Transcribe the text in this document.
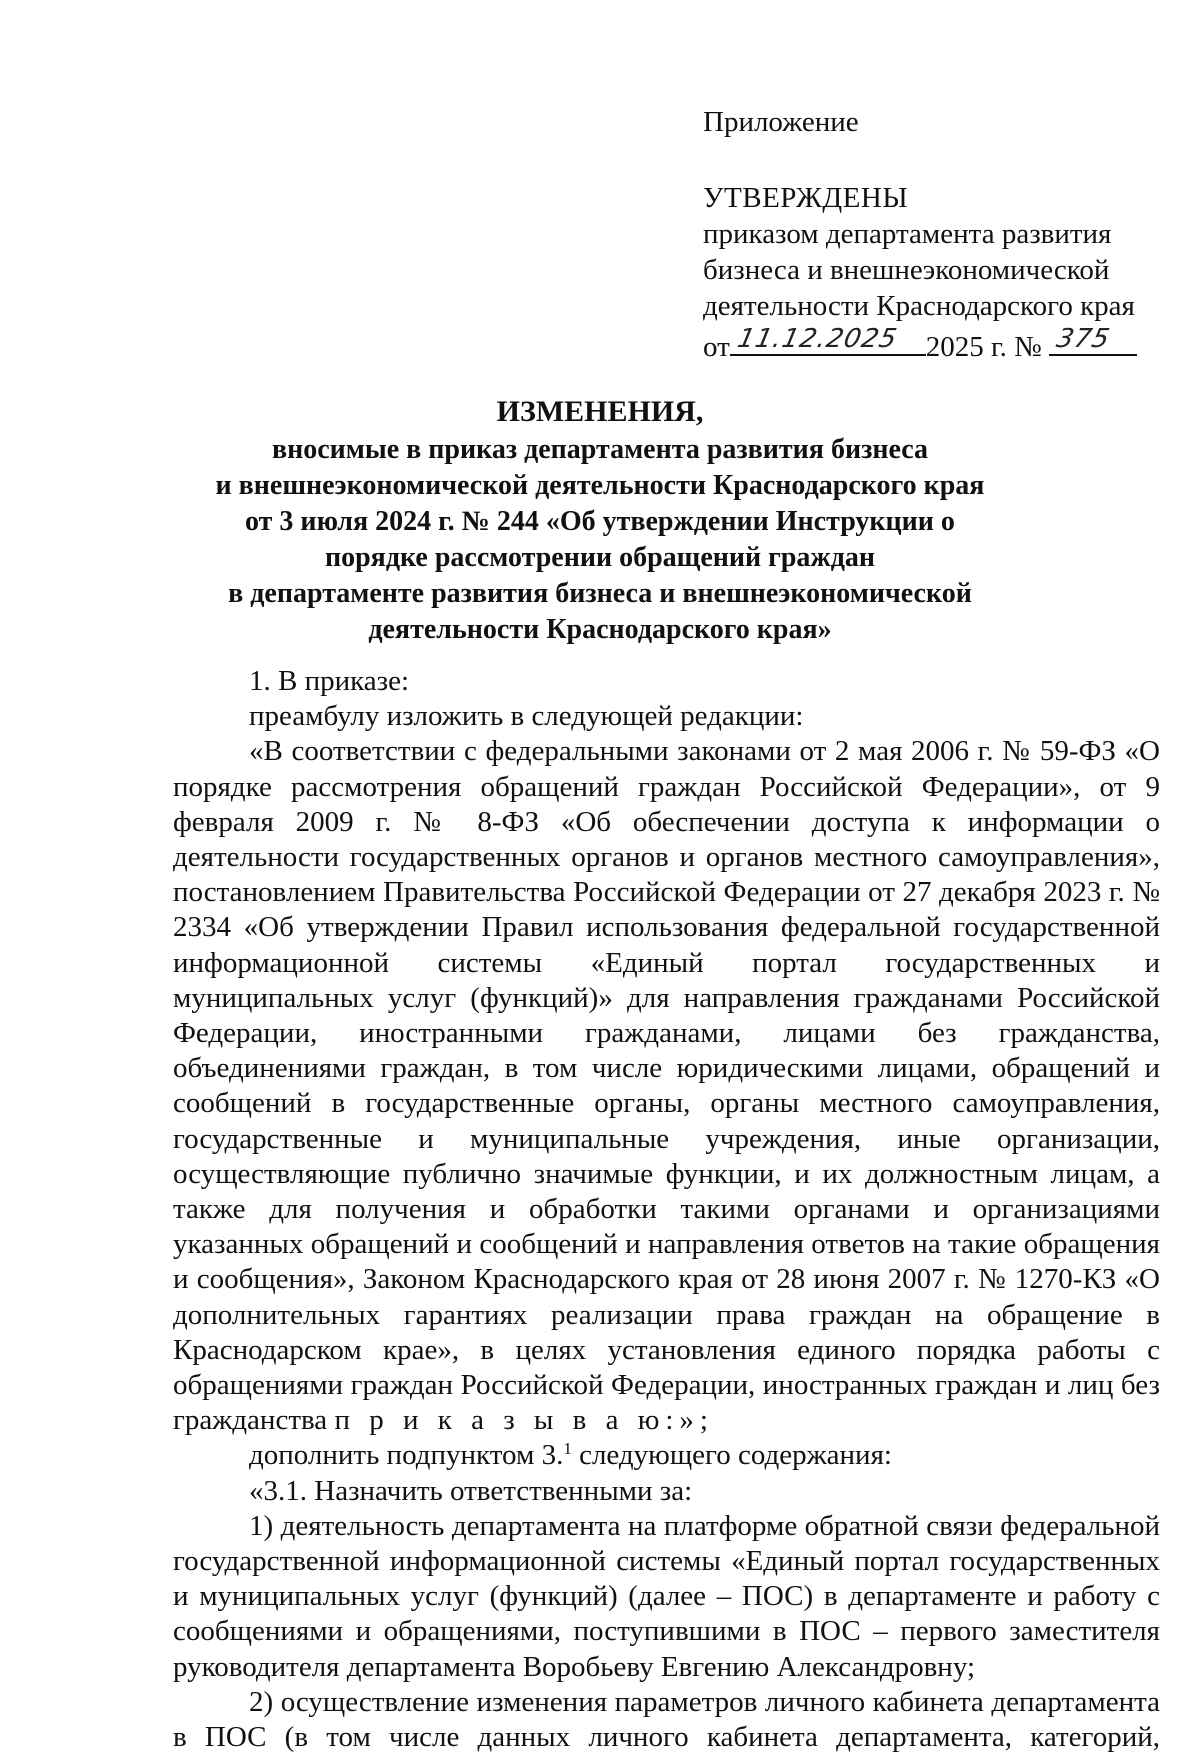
Приложение
УТВЕРЖДЕНЫ
приказом департамента развития
бизнеса и внешнеэкономической
деятельности Краснодарского края
от 11.12.2025 2025 г. № 375
ИЗМЕНЕНИЯ,
вносимые в приказ департамента развития бизнеса
и внешнеэкономической деятельности Краснодарского края
от 3 июля 2024 г. № 244 «Об утверждении Инструкции о
порядке рассмотрении обращений граждан
в департаменте развития бизнеса и внешнеэкономической
деятельности Краснодарского края»

1. В приказе:

преамбулу изложить в следующей редакции:

«В соответствии с федеральными законами от 2 мая 2006 г. № 59-ФЗ «О порядке рассмотрения обращений граждан Российской Федерации», от 9 февраля 2009 г. № 8-ФЗ «Об обеспечении доступа к информации о деятельности государственных органов и органов местного самоуправления», постановлением Правительства Российской Федерации от 27 декабря 2023 г. № 2334 «Об утверждении Правил использования федеральной государственной информационной системы «Единый портал государственных и муниципальных услуг (функций)» для направления гражданами Российской Федерации, иностранными гражданами, лицами без гражданства, объединениями граждан, в том числе юридическими лицами, обращений и сообщений в государственные органы, органы местного самоуправления, государственные и муниципальные учреждения, иные организации, осуществляющие публично значимые функции, и их должностным лицам, а также для получения и обработки такими органами и организациями указанных обращений и сообщений и направления ответов на такие обращения и сообщения», Законом Краснодарского края от 28 июня 2007 г. № 1270-КЗ «О дополнительных гарантиях реализации права граждан на обращение в Краснодарском крае», в целях установления единого порядка работы с обращениями граждан Российской Федерации, иностранных граждан и лиц без гражданства п р и к а з ы в а ю:»;

дополнить подпунктом 3.$^1$ следующего содержания:

«3.1. Назначить ответственными за:

1) деятельность департамента на платформе обратной связи федеральной государственной информационной системы «Единый портал государственных и муниципальных услуг (функций) (далее – ПОС) в департаменте и работу с сообщениями и обращениями, поступившими в ПОС – первого заместителя руководителя департамента Воробьеву Евгению Александровну;

2) осуществление изменения параметров личного кабинета департамента в ПОС (в том числе данных личного кабинета департамента, категорий,
